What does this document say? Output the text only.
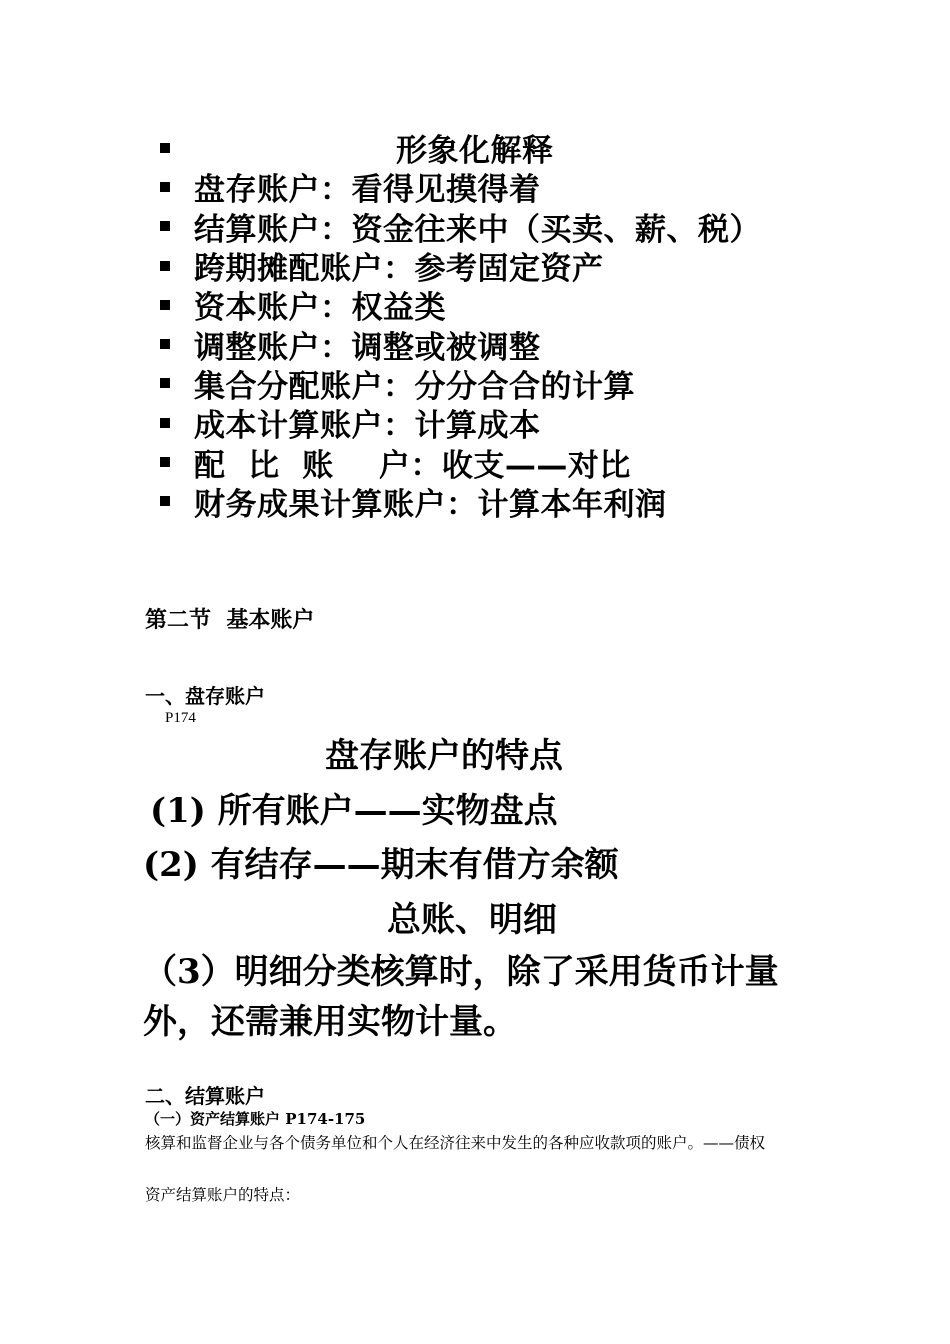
形象化解释
盘存账户：看得见摸得着
结算账户：资金往来中（买卖、薪、税）
跨期摊配账户：参考固定资产
资本账户：权益类
调整账户：调整或被调整
集合分配账户：分分合合的计算
成本计算账户：计算成本
配  比  账    户：收支——对比
财务成果计算账户：计算本年利润
第二节  基本账户
一、盘存账户
P174
盘存账户的特点
(1) 所有账户——实物盘点
(2) 有结存——期末有借方余额
总账、明细
（3）明细分类核算时，除了采用货币计量
外，还需兼用实物计量。
二、结算账户
（一）资产结算账户 P174-175
核算和监督企业与各个债务单位和个人在经济往来中发生的各种应收款项的账户。——债权
资产结算账户的特点：
